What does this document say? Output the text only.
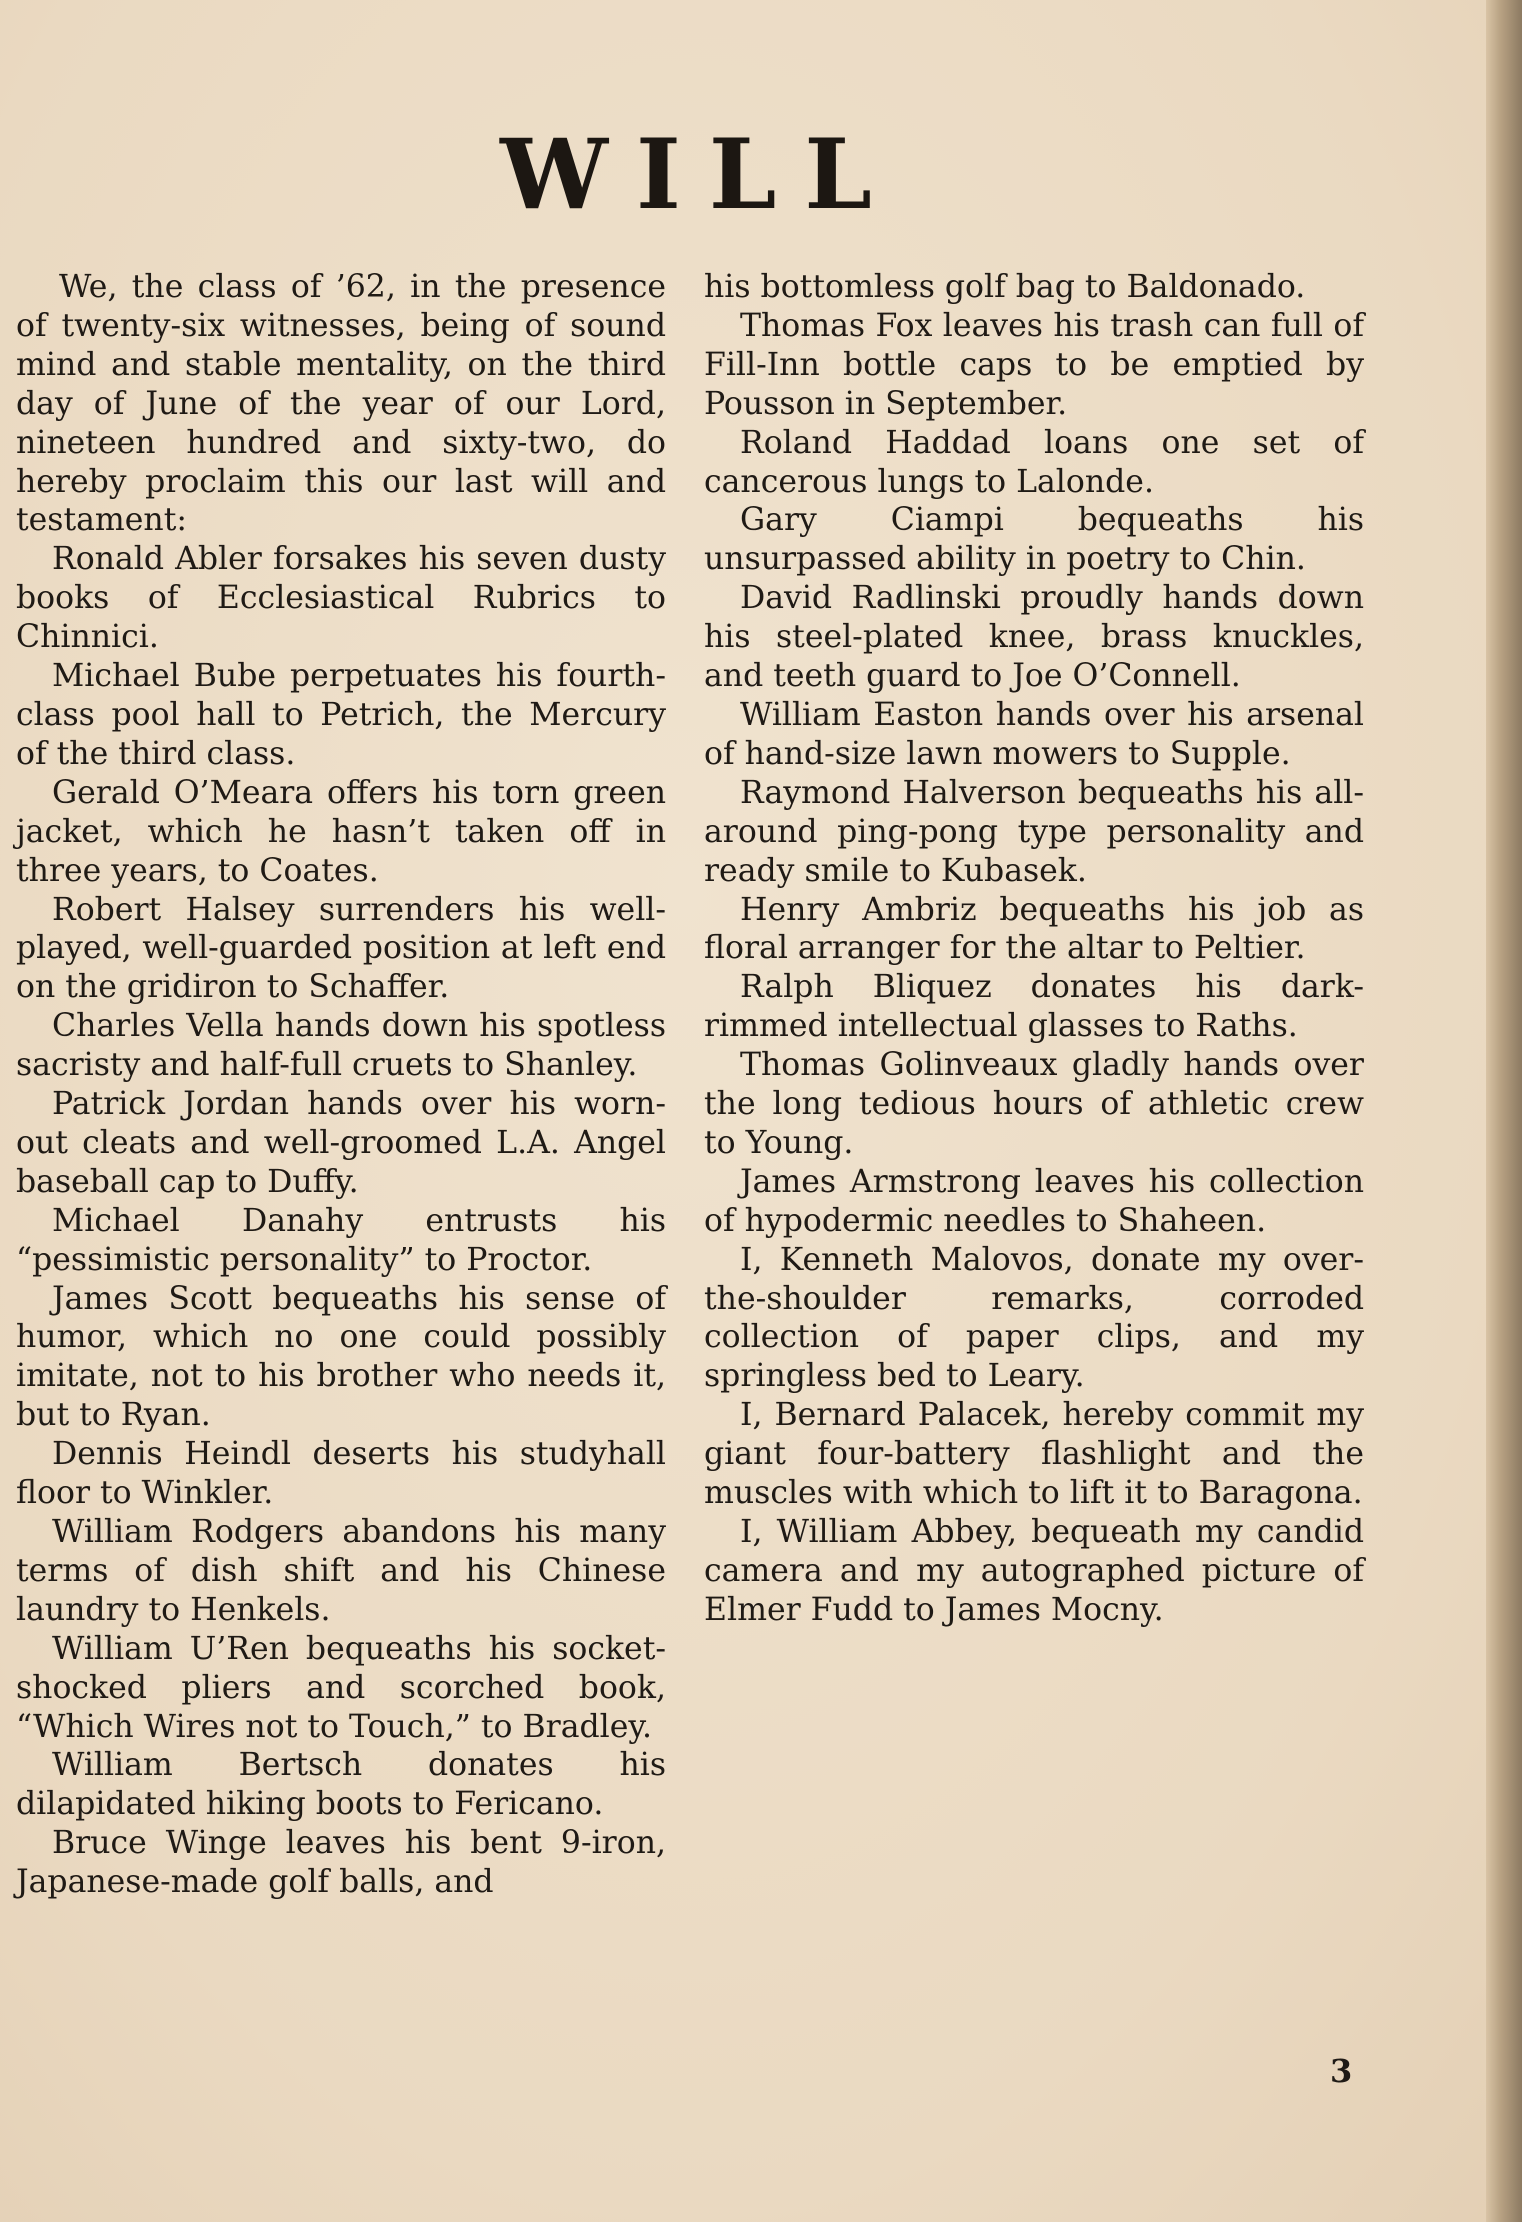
WILL

We, the class of ’62, in the presence of twenty-six witnesses, being of sound mind and stable mentality, on the third day of June of the year of our Lord, nineteen hundred and sixty-two, do hereby proclaim this our last will and testament:

Ronald Abler forsakes his seven dusty books of Ecclesiastical Rubrics to Chinnici.

Michael Bube perpetuates his fourth-class pool hall to Petrich, the Mercury of the third class.

Gerald O’Meara offers his torn green jacket, which he hasn’t taken off in three years, to Coates.

Robert Halsey surrenders his well-played, well-guarded position at left end on the gridiron to Schaffer.

Charles Vella hands down his spotless sacristy and half-full cruets to Shanley.

Patrick Jordan hands over his worn-out cleats and well-groomed L.A. Angel baseball cap to Duffy.

Michael Danahy entrusts his “pessimistic personality” to Proctor.

James Scott bequeaths his sense of humor, which no one could possibly imitate, not to his brother who needs it, but to Ryan.

Dennis Heindl deserts his studyhall floor to Winkler.

William Rodgers abandons his many terms of dish shift and his Chinese laundry to Henkels.

William U’Ren bequeaths his socket-shocked pliers and scorched book, “Which Wires not to Touch,” to Bradley.

William Bertsch donates his dilapidated hiking boots to Fericano.

Bruce Winge leaves his bent 9-iron, Japanese-made golf balls, and

his bottomless golf bag to Baldonado.

Thomas Fox leaves his trash can full of Fill-Inn bottle caps to be emptied by Pousson in September.

Roland Haddad loans one set of cancerous lungs to Lalonde.

Gary Ciampi bequeaths his unsurpassed ability in poetry to Chin.

David Radlinski proudly hands down his steel-plated knee, brass knuckles, and teeth guard to Joe O’Connell.

William Easton hands over his arsenal of hand-size lawn mowers to Supple.

Raymond Halverson bequeaths his all-around ping-pong type personality and ready smile to Kubasek.

Henry Ambriz bequeaths his job as floral arranger for the altar to Peltier.

Ralph Bliquez donates his dark-rimmed intellectual glasses to Raths.

Thomas Golinveaux gladly hands over the long tedious hours of athletic crew to Young.

James Armstrong leaves his collection of hypodermic needles to Shaheen.

I, Kenneth Malovos, donate my over-the-shoulder remarks, corroded collection of paper clips, and my springless bed to Leary.

I, Bernard Palacek, hereby commit my giant four-battery flashlight and the muscles with which to lift it to Baragona.

I, William Abbey, bequeath my candid camera and my autographed picture of Elmer Fudd to James Mocny.

3
